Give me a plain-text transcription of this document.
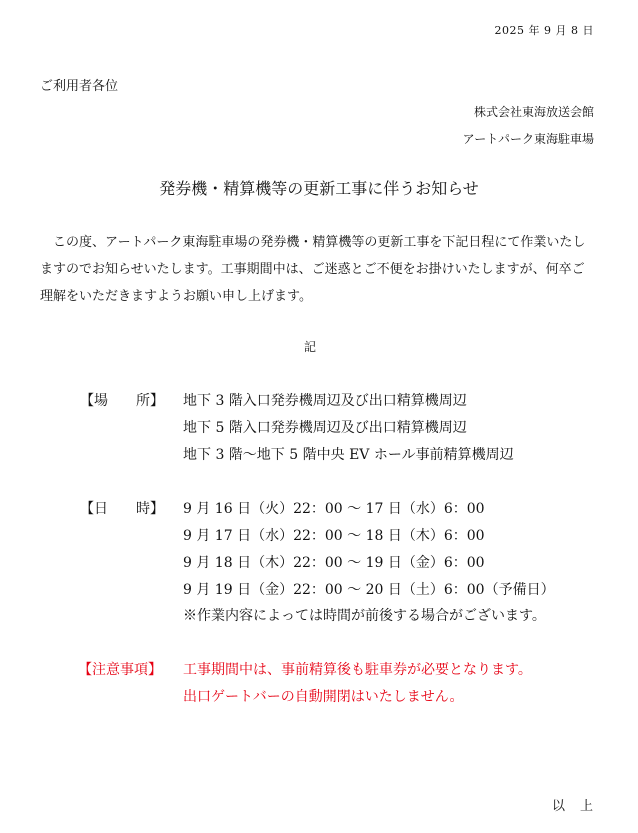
2025 年 9 月 8 日
ご利用者各位
株式会社東海放送会館
アートパーク東海駐車場
発券機・精算機等の更新工事に伴うお知らせ

　この度、アートパーク東海駐車場の発券機・精算機等の更新工事を下記日程にて作業いたし

ますのでお知らせいたします。工事期間中は、ご迷惑とご不便をお掛けいたしますが、何卒ご

理解をいただきますようお願い申し上げます。

記
【場　　所】 地下 3 階入口発券機周辺及び出口精算機周辺
地下 5 階入口発券機周辺及び出口精算機周辺
地下 3 階～地下 5 階中央 EV ホール事前精算機周辺
【日　　時】 9 月 16 日（火）22：00 ～ 17 日（水）6：00
9 月 17 日（水）22：00 ～ 18 日（木）6：00
9 月 18 日（木）22：00 ～ 19 日（金）6：00
9 月 19 日（金）22：00 ～ 20 日（土）6：00（予備日）
※作業内容によっては時間が前後する場合がございます。
【注意事項】 工事期間中は、事前精算後も駐車券が必要となります。
出口ゲートバーの自動開閉はいたしません。
以　上
